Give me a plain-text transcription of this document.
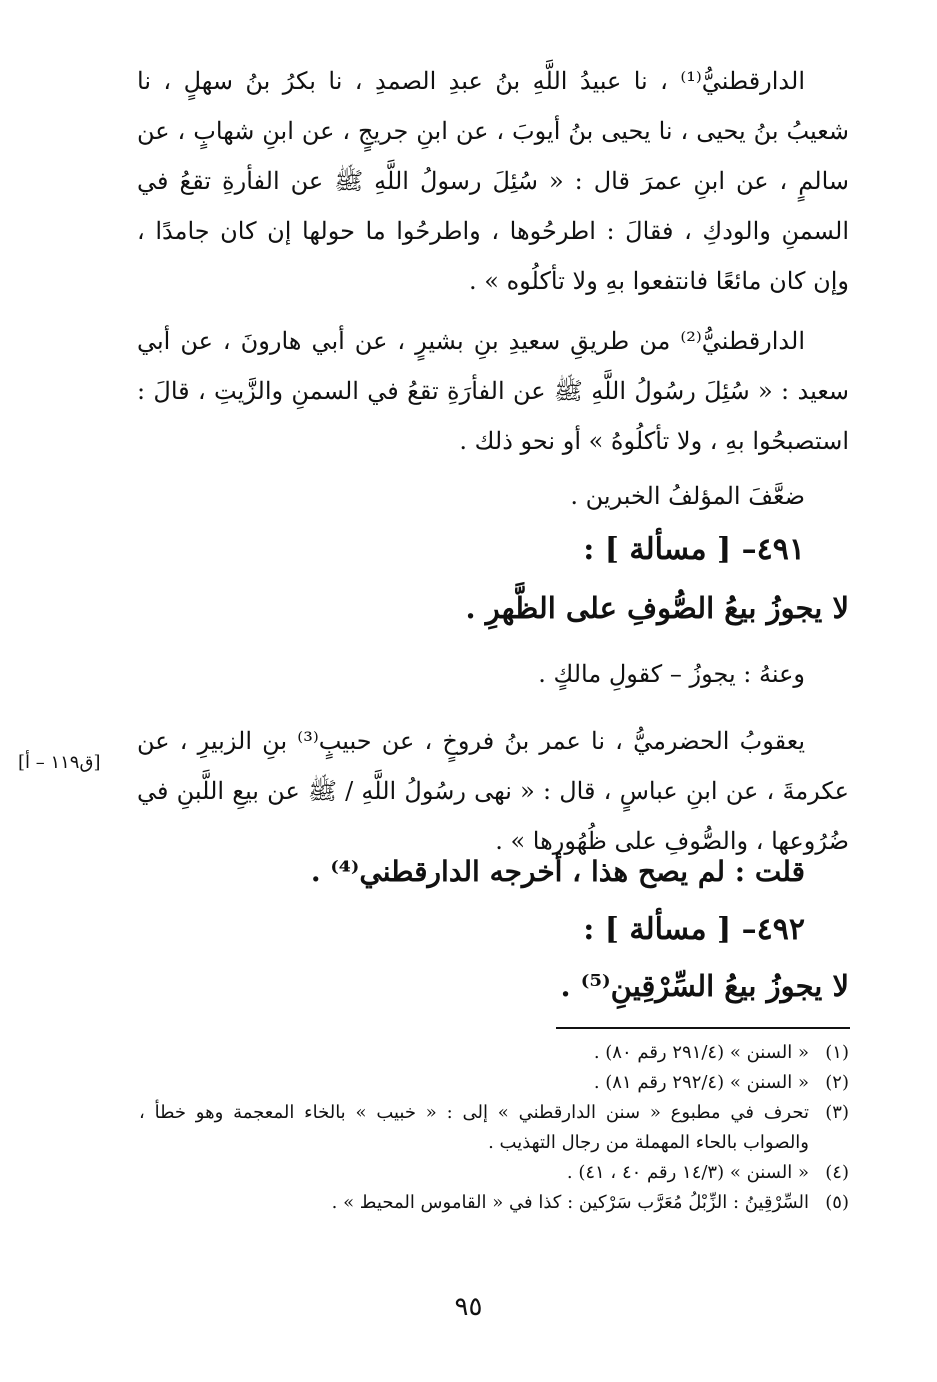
الدارقطنيُّ⁽¹⁾ ، نا عبيدُ اللَّهِ بنُ عبدِ الصمدِ ، نا بكرُ بنُ سهلٍ ، نا شعيبُ بنُ يحيى ، نا يحيى بنُ أيوبَ ، عن ابنِ جريجٍ ، عن ابنِ شهابٍ ، عن سالمٍ ، عن ابنِ عمرَ قال : « سُئِلَ رسولُ اللَّهِ ﷺ عن الفأرةِ تقعُ في السمنِ والودكِ ، فقالَ : اطرحُوها ، واطرحُوا ما حولها إن كان جامدًا ، وإن كان مائعًا فانتفعوا بهِ ولا تأكلُوه » .

الدارقطنيُّ⁽²⁾ من طريقِ سعيدِ بنِ بشيرٍ ، عن أبي هارونَ ، عن أبي سعيد : « سُئِلَ رسُولُ اللَّهِ ﷺ عن الفأرَةِ تقعُ في السمنِ والزَّيتِ ، قالَ : استصبحُوا بهِ ، ولا تأكلُوهُ » أو نحو ذلك .

ضعَّفَ المؤلفُ الخبرين .
٤٩١– [ مسألة ] :
لا يجوزُ بيعُ الصُّوفِ على الظَّهرِ .
وعنهُ : يجوزُ – كقولِ مالكٍ .

يعقوبُ الحضرميُّ ، نا عمر بنُ فروخٍ ، عن حبيبٍ⁽³⁾ بنِ الزبيرِ ، عن عكرمةَ ، عن ابنِ عباسٍ ، قال : « نهى رسُولُ اللَّهِ / ﷺ عن بيعِ اللَّبنِ في ضُرُوعها ، والصُّوفِ على ظُهُورها » .

[ق١١٩ – أ]
قلت : لم يصح هذا ، أخرجه الدارقطني⁽⁴⁾ .
٤٩٢– [ مسألة ] :
لا يجوزُ بيعُ السِّرْقِينِ⁽⁵⁾ .
(١)
« السنن » (٢٩١/٤ رقم ٨٠) .
(٢)
« السنن » (٢٩٢/٤ رقم ٨١) .
(٣)
تحرف في مطبوع « سنن الدارقطني » إلى : « خبيب » بالخاء المعجمة وهو خطأ ، والصواب بالحاء المهملة من رجال التهذيب .
(٤)
« السنن » (١٤/٣ رقم ٤٠ ، ٤١) .
(٥)
السِّرْقِينُ : الزِّبْلُ مُعَرَّب سَرْكين : كذا في « القاموس المحيط » .
٩٥
